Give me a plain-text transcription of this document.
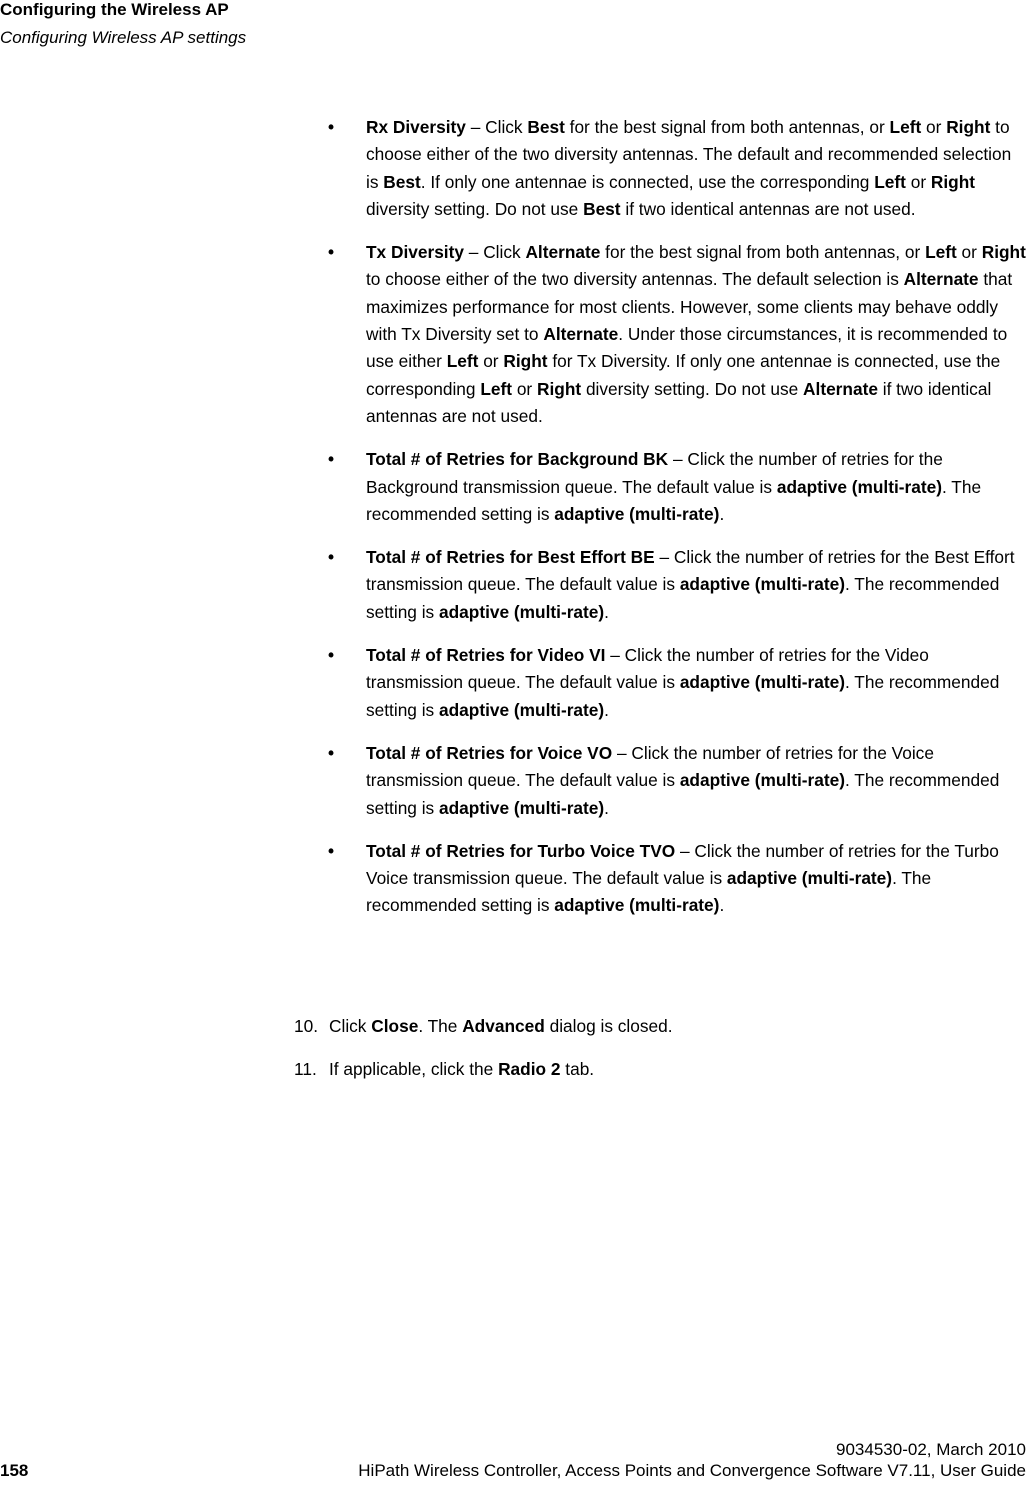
Configuring the Wireless AP
Configuring Wireless AP settings
• Rx Diversity – Click Best for the best signal from both antennas, or Left or Right to choose either of the two diversity antennas. The default and recommended selection is Best. If only one antennae is connected, use the corresponding Left or Right diversity setting. Do not use Best if two identical antennas are not used.
• Tx Diversity – Click Alternate for the best signal from both antennas, or Left or Right to choose either of the two diversity antennas. The default selection is Alternate that maximizes performance for most clients. However, some clients may behave oddly with Tx Diversity set to Alternate. Under those circumstances, it is recommended to use either Left or Right for Tx Diversity. If only one antennae is connected, use the corresponding Left or Right diversity setting. Do not use Alternate if two identical antennas are not used.
• Total # of Retries for Background BK – Click the number of retries for the Background transmission queue. The default value is adaptive (multi-rate). The recommended setting is adaptive (multi-rate).
• Total # of Retries for Best Effort BE – Click the number of retries for the Best Effort transmission queue. The default value is adaptive (multi-rate). The recommended setting is adaptive (multi-rate).
• Total # of Retries for Video VI – Click the number of retries for the Video transmission queue. The default value is adaptive (multi-rate). The recommended setting is adaptive (multi-rate).
• Total # of Retries for Voice VO – Click the number of retries for the Voice transmission queue. The default value is adaptive (multi-rate). The recommended setting is adaptive (multi-rate).
• Total # of Retries for Turbo Voice TVO – Click the number of retries for the Turbo Voice transmission queue. The default value is adaptive (multi-rate). The recommended setting is adaptive (multi-rate).
10. Click Close. The Advanced dialog is closed.
11. If applicable, click the Radio 2 tab.
9034530-02, March 2010
158	HiPath Wireless Controller, Access Points and Convergence Software V7.11, User Guide
